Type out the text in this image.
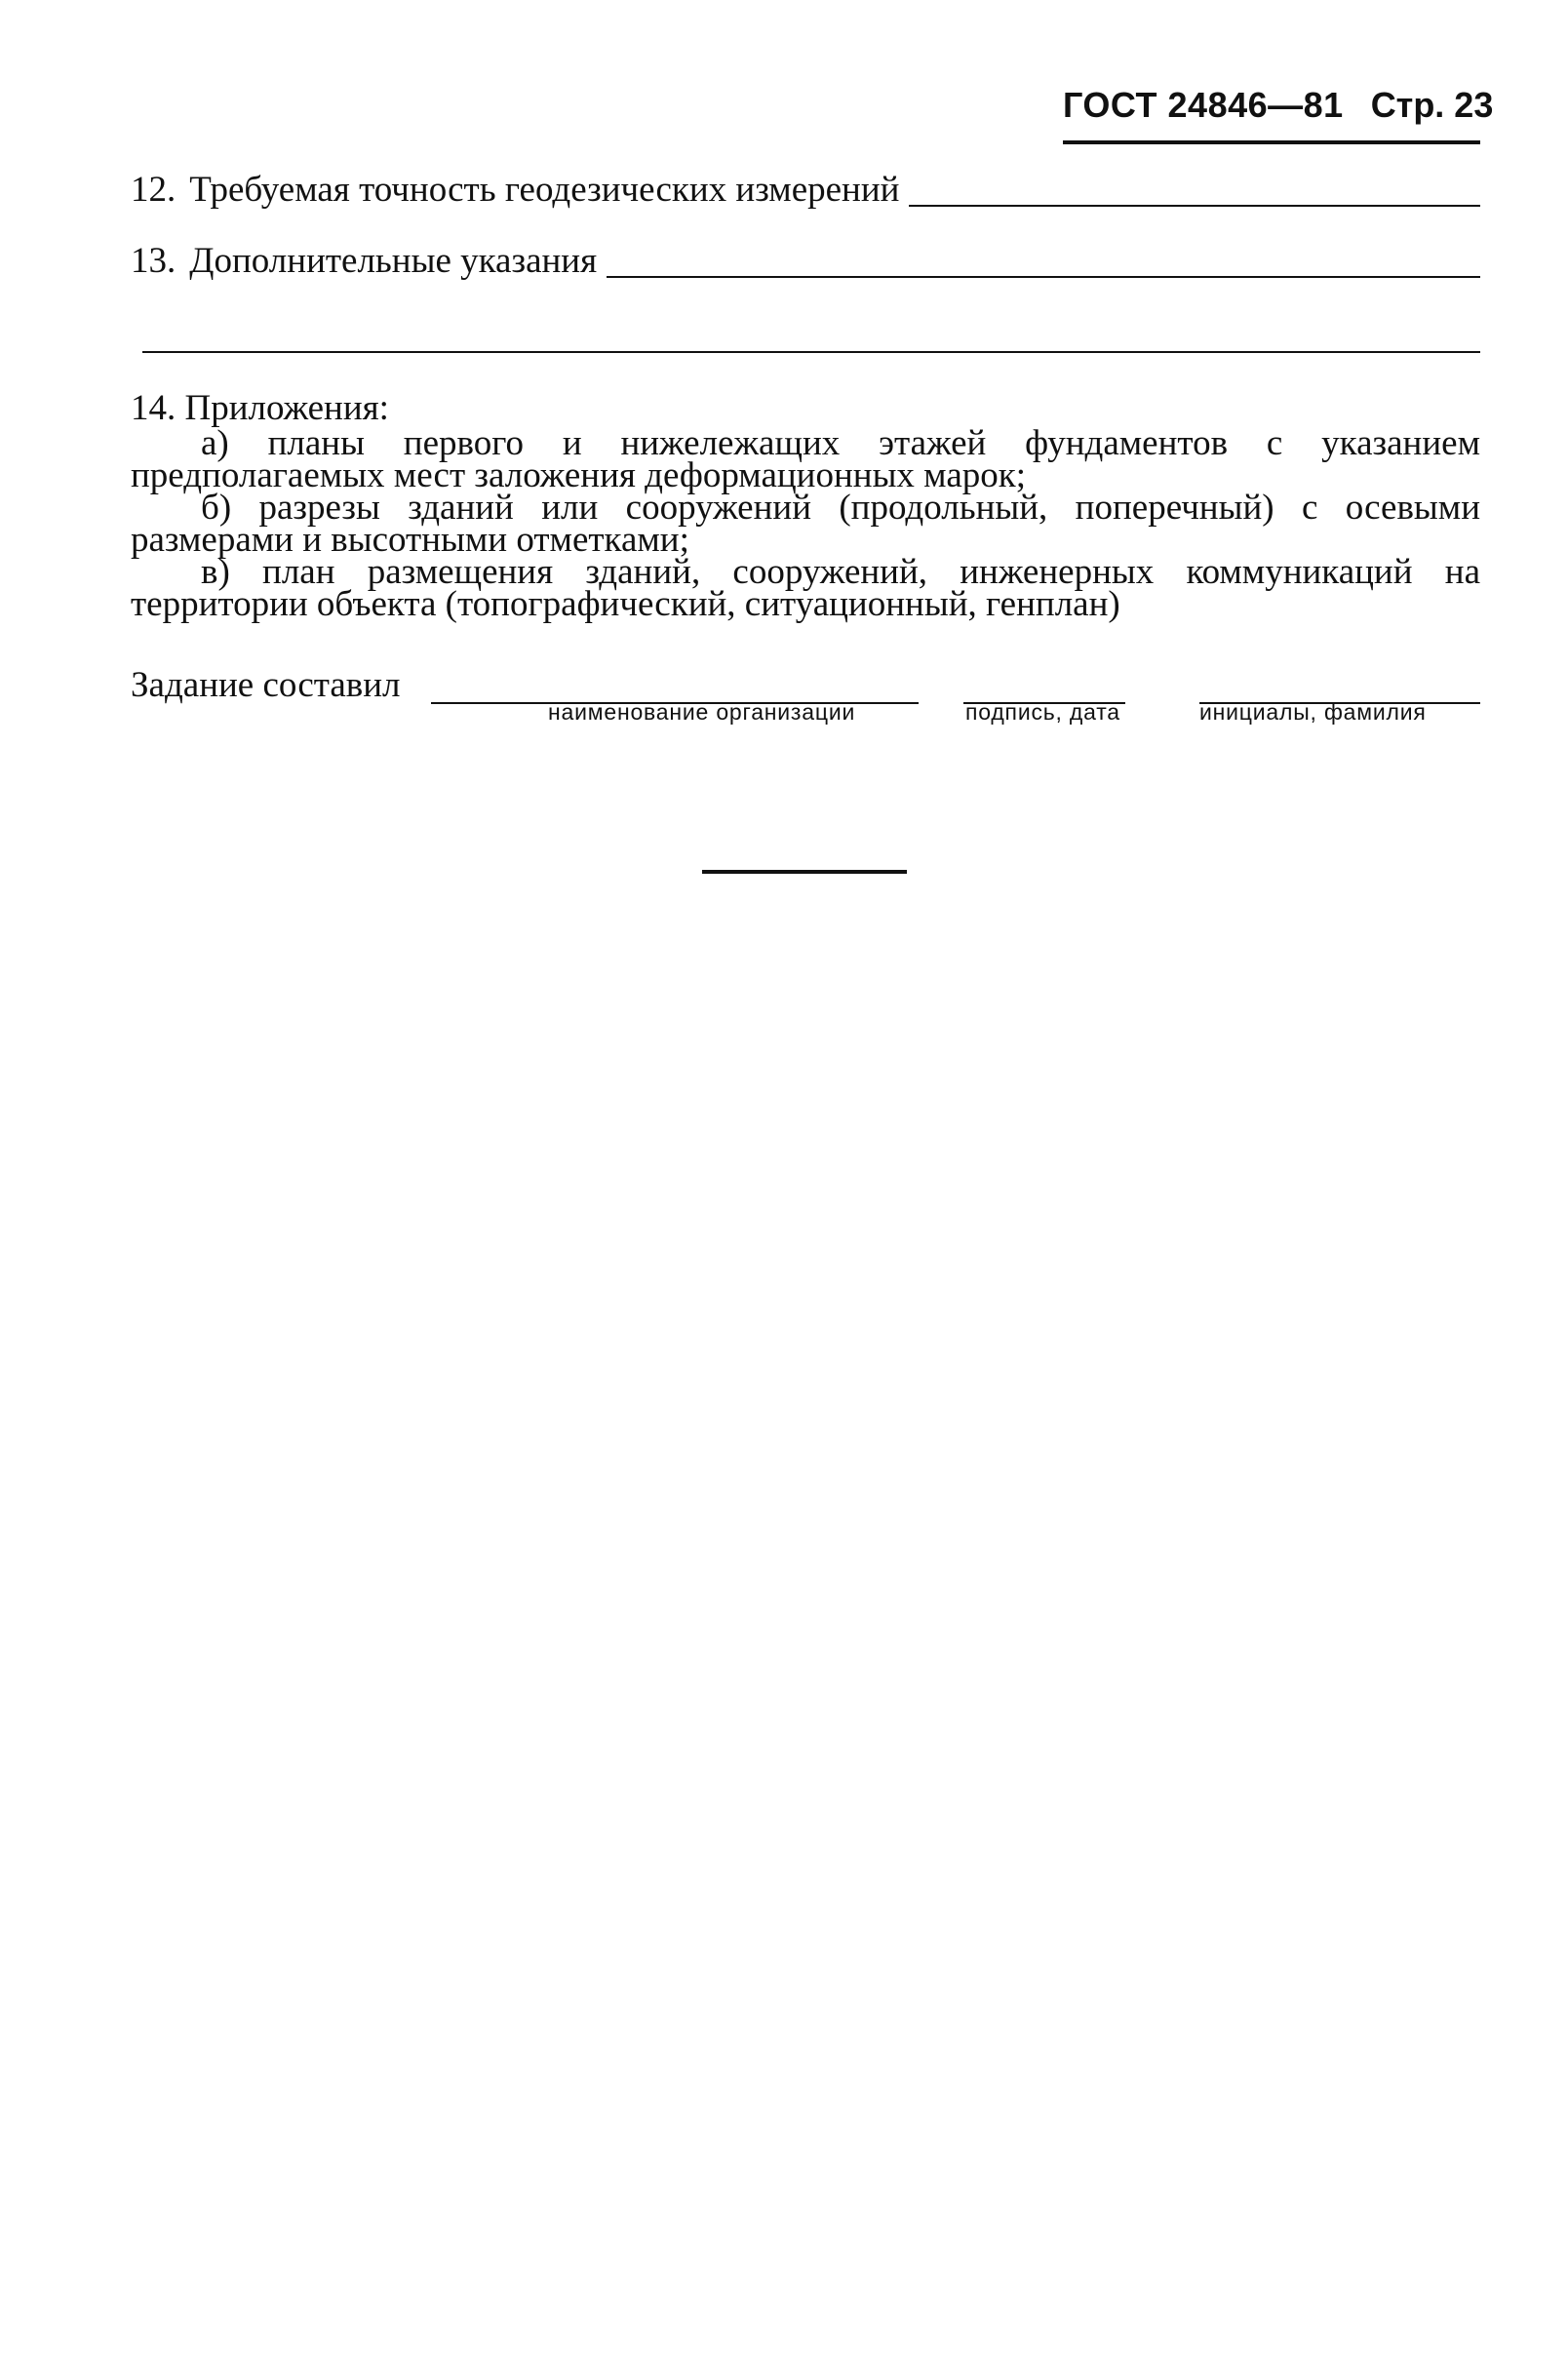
ГОСТ 24846—81 Стр. 23
12. Требуемая точность геодезических измерений
13. Дополнительные указания
14. Приложения:
а) планы первого и нижележащих этажей фундаментов с указанием предполагаемых мест заложения деформационных марок;
б) разрезы зданий или сооружений (продольный, поперечный) с осевыми размерами и высотными отметками;
в) план размещения зданий, сооружений, инженерных коммуникаций на территории объекта (топографический, ситуационный, генплан)
Задание составил
наименование организации	подпись, дата	инициалы, фамилия
